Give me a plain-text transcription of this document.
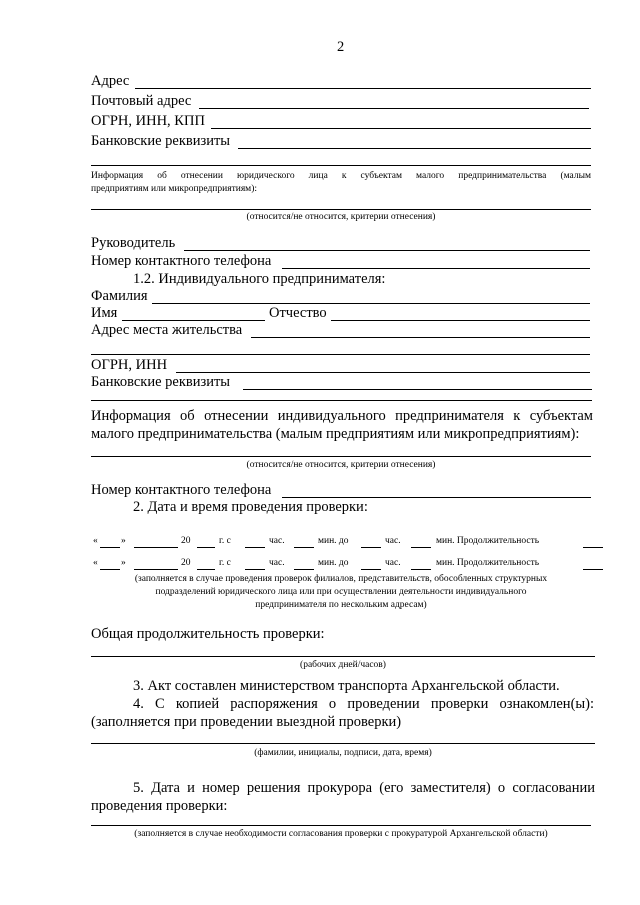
2
Адрес
Почтовый адрес
ОГРН, ИНН, КПП
Банковские реквизиты
Информация об отнесении юридического лица к субъектам малого предпринимательства (малым
предприятиям или микропредприятиям):
(относится/не относится, критерии отнесения)
Руководитель
Номер контактного телефона
1.2. Индивидуального предпринимателя:
Фамилия
Имя	Отчество
Адрес места жительства
ОГРН, ИНН
Банковские реквизиты
Информация об отнесении индивидуального предпринимателя к субъектам
малого предпринимательства (малым предприятиям или микропредприятиям):
(относится/не относится, критерии отнесения)
Номер контактного телефона
2. Дата и время проведения проверки:
« »	20	г. с	час.	мин. до	час.	мин. Продолжительность
« »	20	г. с	час.	мин. до	час.	мин. Продолжительность
(заполняется в случае проведения проверок филиалов, представительств, обособленных структурных
подразделений юридического лица или при осуществлении деятельности индивидуального
предпринимателя по нескольким адресам)
Общая продолжительность проверки:
(рабочих дней/часов)
3. Акт составлен министерством транспорта Архангельской области.
4. С копией распоряжения о проведении проверки ознакомлен(ы):
(заполняется при проведении выездной проверки)
(фамилии, инициалы, подписи, дата, время)
5. Дата и номер решения прокурора (его заместителя) о согласовании
проведения проверки:
(заполняется в случае необходимости согласования проверки с прокуратурой Архангельской области)
